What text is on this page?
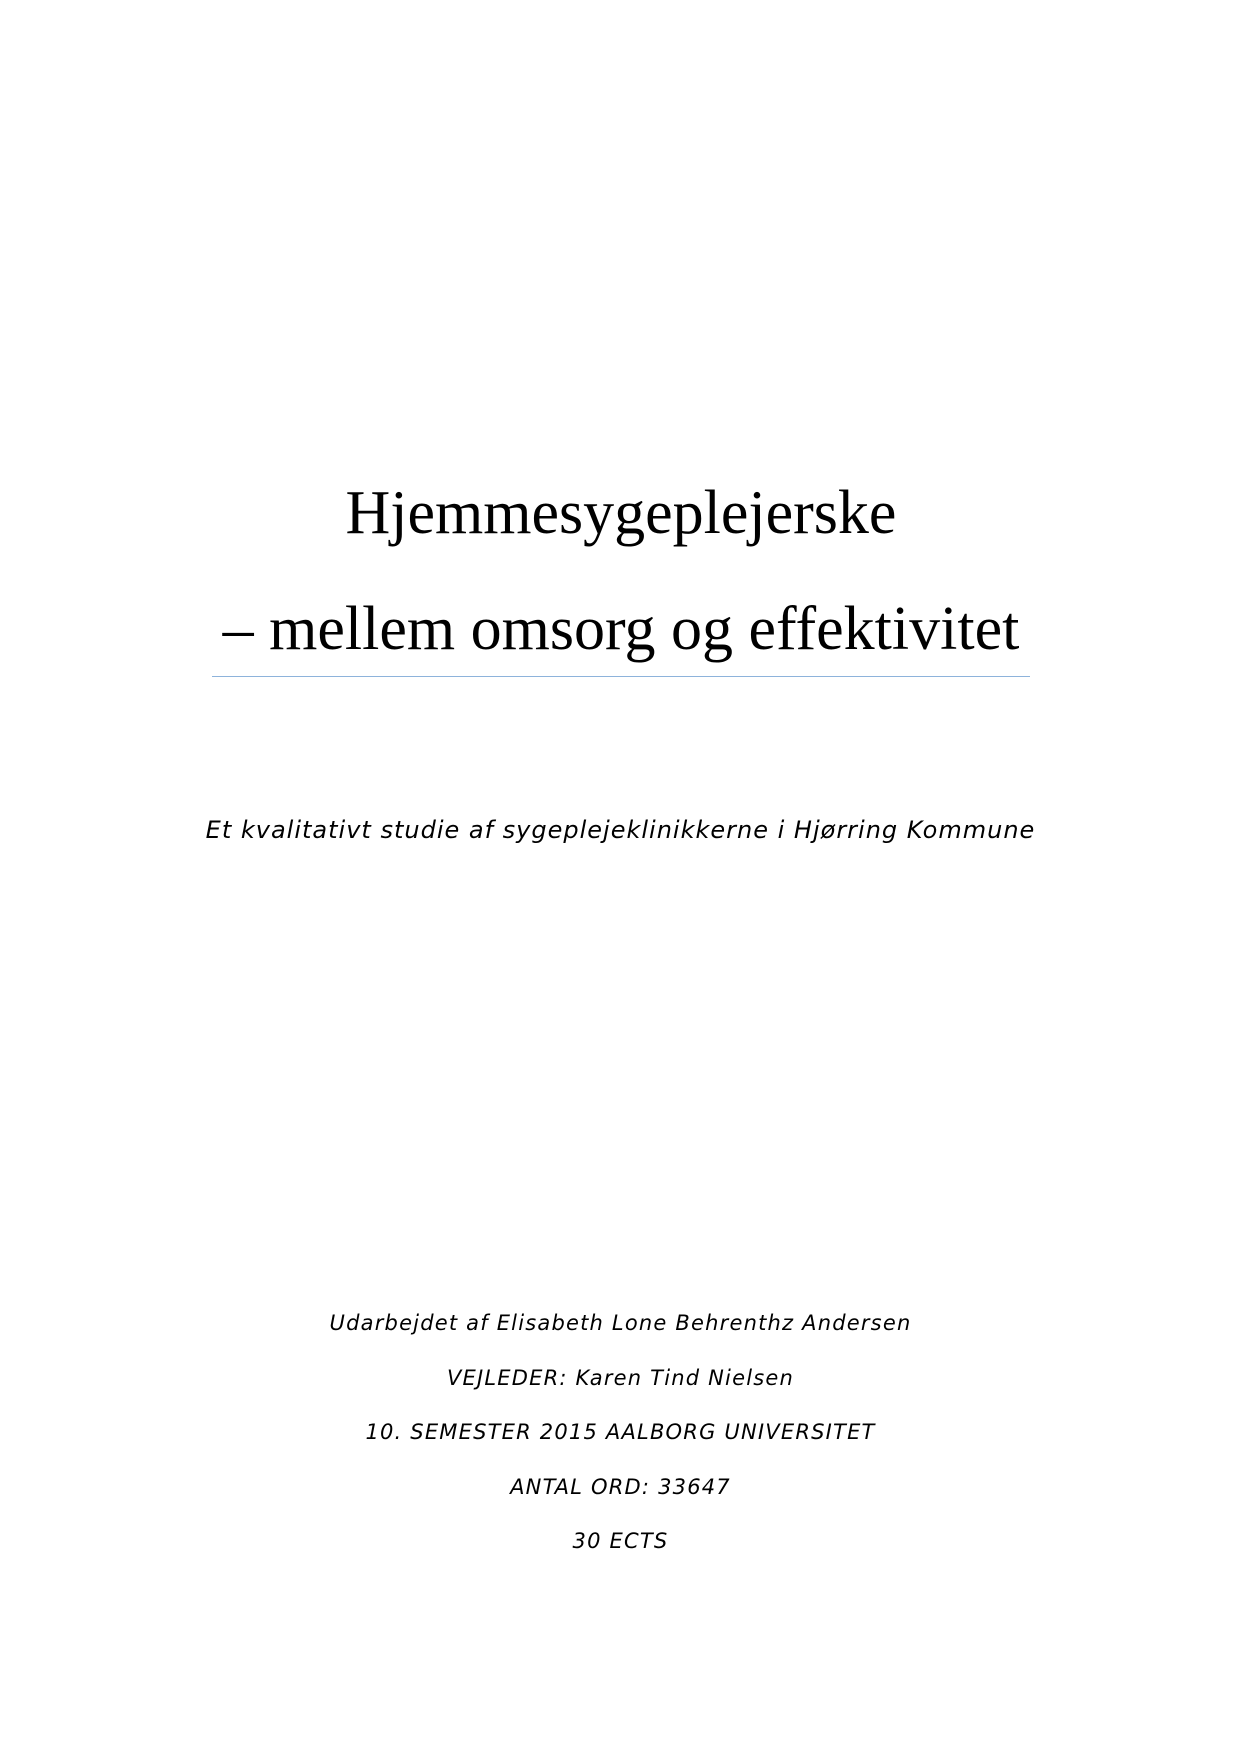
Hjemmesygeplejerske
– mellem omsorg og effektivitet
Et kvalitativt studie af sygeplejeklinikkerne i Hjørring Kommune
Udarbejdet af Elisabeth Lone Behrenthz Andersen
VEJLEDER: Karen Tind Nielsen
10. SEMESTER 2015 AALBORG UNIVERSITET
ANTAL ORD: 33647
30 ECTS
